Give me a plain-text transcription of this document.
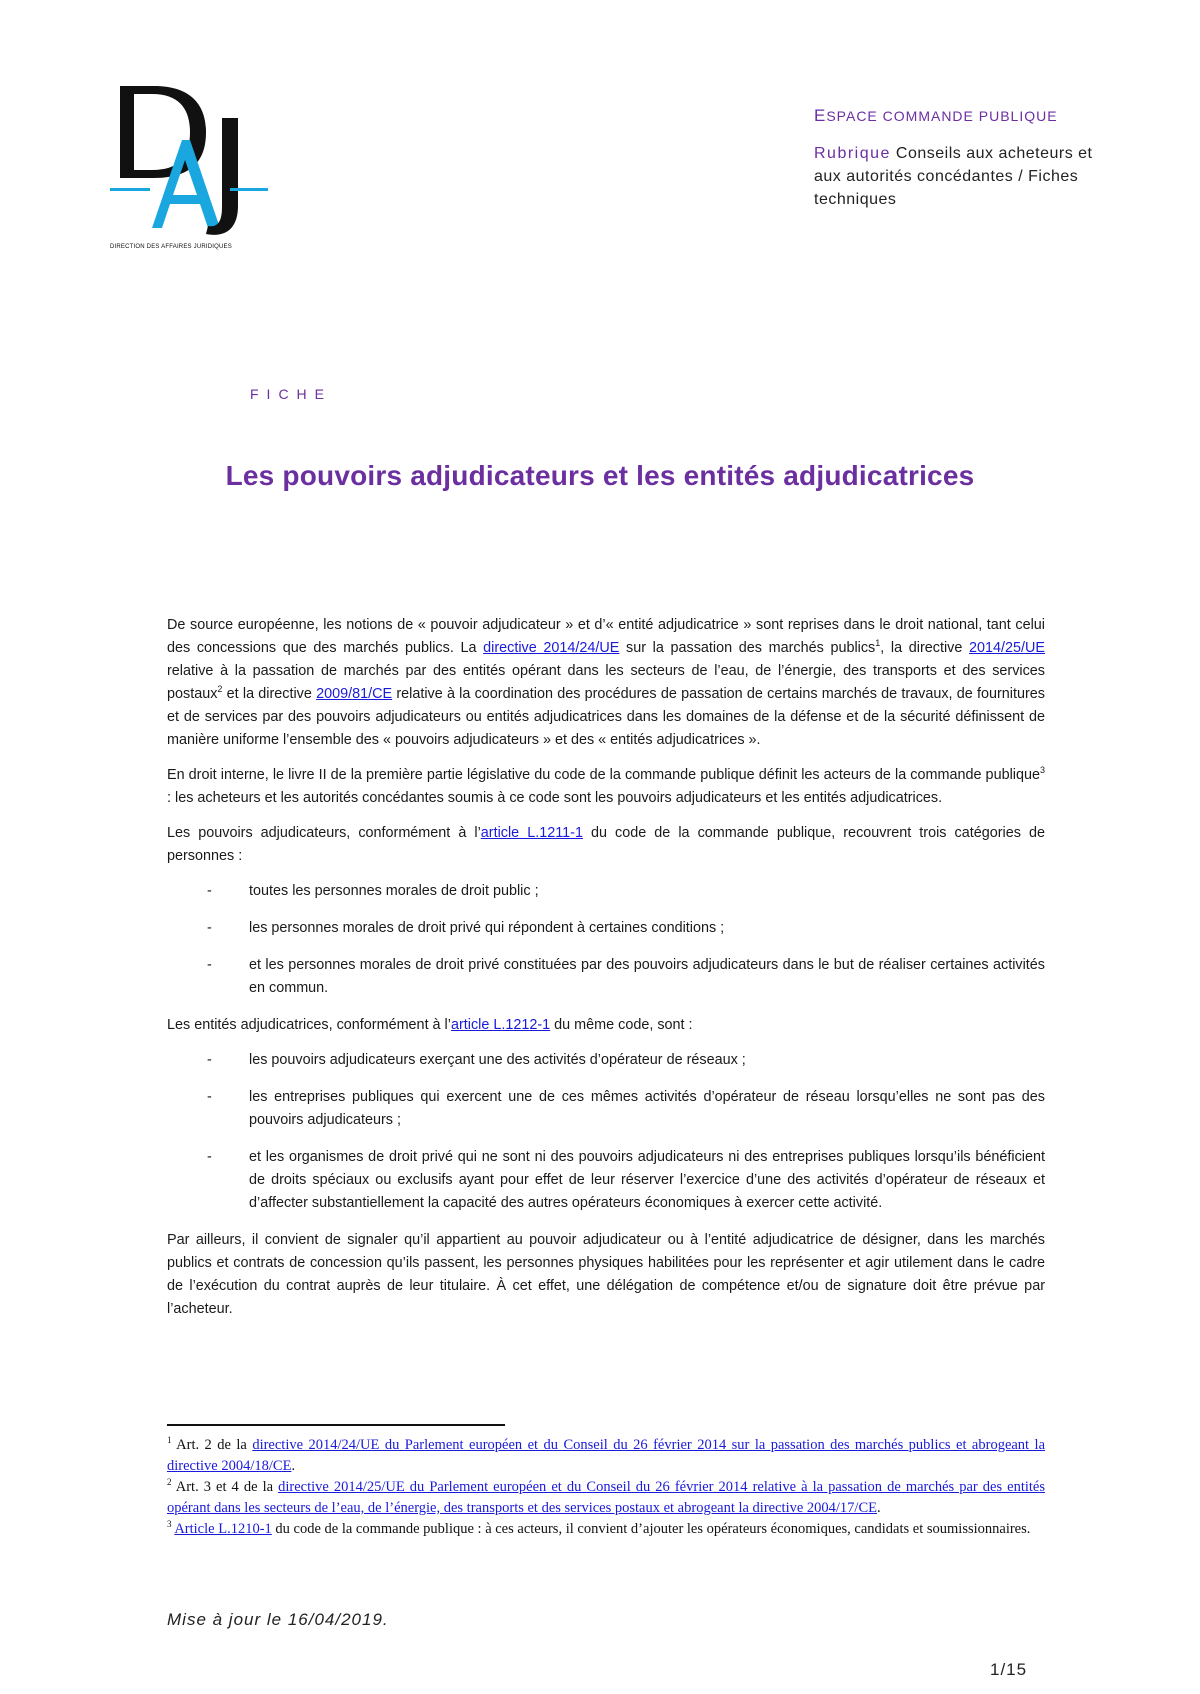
DIRECTION DES AFFAIRES JURIDIQUES
ESPACE COMMANDE PUBLIQUE
Rubrique Conseils aux acheteurs et aux autorités concédantes / Fiches techniques
FICHE
Les pouvoirs adjudicateurs et les entités adjudicatrices

De source européenne, les notions de « pouvoir adjudicateur » et d’« entité adjudicatrice » sont reprises dans le droit national, tant celui des concessions que des marchés publics. La directive 2014/24/UE sur la passation des marchés publics$^1$, la directive 2014/25/UE relative à la passation de marchés par des entités opérant dans les secteurs de l’eau, de l’énergie, des transports et des services postaux$^2$ et la directive 2009/81/CE relative à la coordination des procédures de passation de certains marchés de travaux, de fournitures et de services par des pouvoirs adjudicateurs ou entités adjudicatrices dans les domaines de la défense et de la sécurité définissent de manière uniforme l’ensemble des « pouvoirs adjudicateurs » et des « entités adjudicatrices ».

En droit interne, le livre II de la première partie législative du code de la commande publique définit les acteurs de la commande publique$^3$ : les acheteurs et les autorités concédantes soumis à ce code sont les pouvoirs adjudicateurs et les entités adjudicatrices.

Les pouvoirs adjudicateurs, conformément à l’article L.1211-1 du code de la commande publique, recouvrent trois catégories de personnes :

- toutes les personnes morales de droit public ;
- les personnes morales de droit privé qui répondent à certaines conditions ;
- et les personnes morales de droit privé constituées par des pouvoirs adjudicateurs dans le but de réaliser certaines activités en commun.

Les entités adjudicatrices, conformément à l’article L.1212-1 du même code, sont :

- les pouvoirs adjudicateurs exerçant une des activités d’opérateur de réseaux ;
- les entreprises publiques qui exercent une de ces mêmes activités d’opérateur de réseau lorsqu’elles ne sont pas des pouvoirs adjudicateurs ;
- et les organismes de droit privé qui ne sont ni des pouvoirs adjudicateurs ni des entreprises publiques lorsqu’ils bénéficient de droits spéciaux ou exclusifs ayant pour effet de leur réserver l’exercice d’une des activités d’opérateur de réseaux et d’affecter substantiellement la capacité des autres opérateurs économiques à exercer cette activité.

Par ailleurs, il convient de signaler qu’il appartient au pouvoir adjudicateur ou à l’entité adjudicatrice de désigner, dans les marchés publics et contrats de concession qu’ils passent, les personnes physiques habilitées pour les représenter et agir utilement dans le cadre de l’exécution du contrat auprès de leur titulaire. À cet effet, une délégation de compétence et/ou de signature doit être prévue par l’acheteur.

$^1$ Art. 2 de la directive 2014/24/UE du Parlement européen et du Conseil du 26 février 2014 sur la passation des marchés publics et abrogeant la directive 2004/18/CE.

$^2$ Art. 3 et 4 de la directive 2014/25/UE du Parlement européen et du Conseil du 26 février 2014 relative à la passation de marchés par des entités opérant dans les secteurs de l’eau, de l’énergie, des transports et des services postaux et abrogeant la directive 2004/17/CE.

$^3$ Article L.1210-1 du code de la commande publique : à ces acteurs, il convient d’ajouter les opérateurs économiques, candidats et soumissionnaires.

Mise à jour le 16/04/2019.
1/15
